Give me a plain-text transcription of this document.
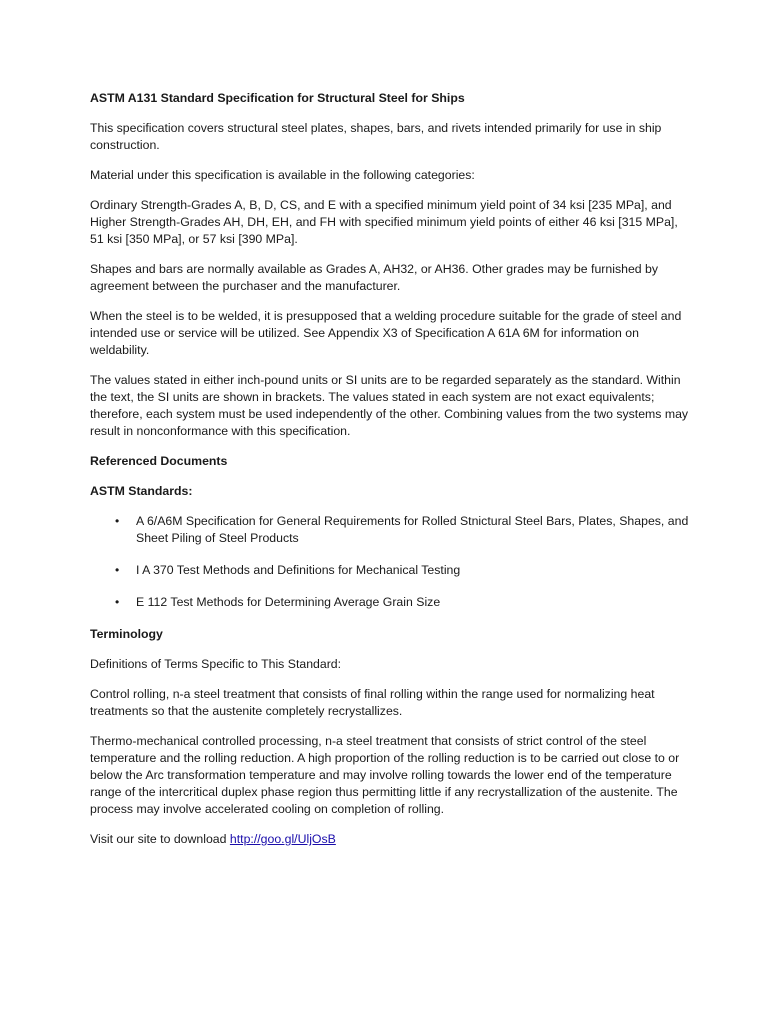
ASTM A131 Standard Specification for Structural Steel for Ships

This specification covers structural steel plates, shapes, bars, and rivets intended primarily for use in ship construction.

Material under this specification is available in the following categories:

Ordinary Strength-Grades A, B, D, CS, and E with a specified minimum yield point of 34 ksi [235 MPa], and Higher Strength-Grades AH, DH, EH, and FH with specified minimum yield points of either 46 ksi [315 MPa], 51 ksi [350 MPa], or 57 ksi [390 MPa].

Shapes and bars are normally available as Grades A, AH32, or AH36. Other grades may be furnished by agreement between the purchaser and the manufacturer.

When the steel is to be welded, it is presupposed that a welding procedure suitable for the grade of steel and intended use or service will be utilized. See Appendix X3 of Specification A 61A 6M for information on weldability.

The values stated in either inch-pound units or SI units are to be regarded separately as the standard. Within the text, the SI units are shown in brackets. The values stated in each system are not exact equivalents; therefore, each system must be used independently of the other. Combining values from the two systems may result in nonconformance with this specification.

Referenced Documents

ASTM Standards:

• A 6/A6M Specification for General Requirements for Rolled Stnictural Steel Bars, Plates, Shapes, and Sheet Piling of Steel Products
• I A 370 Test Methods and Definitions for Mechanical Testing
• E 112 Test Methods for Determining Average Grain Size

Terminology

Definitions of Terms Specific to This Standard:

Control rolling, n-a steel treatment that consists of final rolling within the range used for normalizing heat treatments so that the austenite completely recrystallizes.

Thermo-mechanical controlled processing, n-a steel treatment that consists of strict control of the steel temperature and the rolling reduction. A high proportion of the rolling reduction is to be carried out close to or below the Arc transformation temperature and may involve rolling towards the lower end of the temperature range of the intercritical duplex phase region thus permitting little if any recrystallization of the austenite. The process may involve accelerated cooling on completion of rolling.

Visit our site to download http://goo.gl/UljOsB
